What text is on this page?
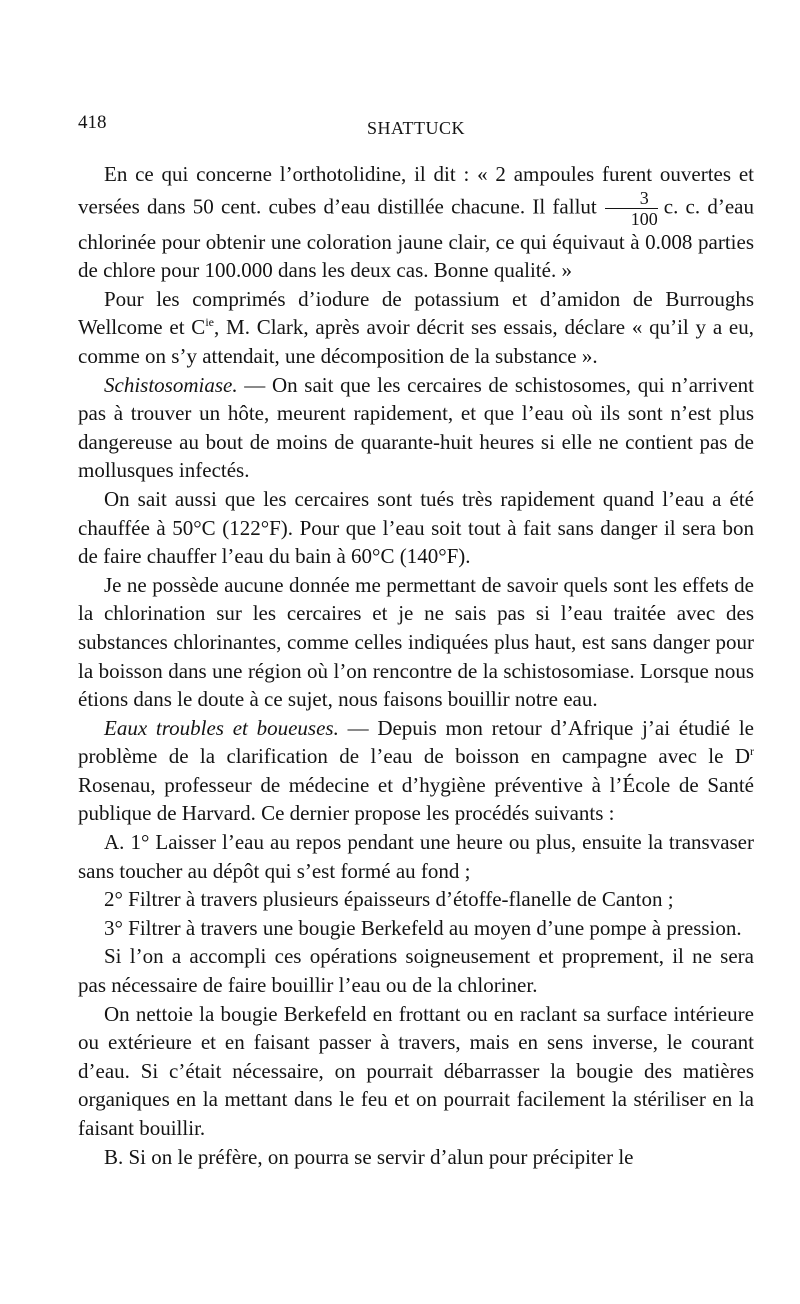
418	SHATTUCK

En ce qui concerne l’orthotolidine, il dit : « 2 ampoules furent ouvertes et versées dans 50 cent. cubes d’eau distillée chacune. Il fallut $\frac{3}{100} c$. c. d’eau chlorinée pour obtenir une coloration jaune clair, ce qui équivaut à 0.008 parties de chlore pour 100.000 dans les deux cas. Bonne qualité. »

Pour les comprimés d’iodure de potassium et d’amidon de Burroughs Wellcome et $C^{ie}$, M. Clark, après avoir décrit ses essais, déclare « qu’il y a eu, comme on s’y attendait, une décomposition de la substance ».

Schistosomiase. — On sait que les cercaires de schistosomes, qui n’arrivent pas à trouver un hôte, meurent rapidement, et que l’eau où ils sont n’est plus dangereuse au bout de moins de quarante-huit heures si elle ne contient pas de mollusques infectés.

On sait aussi que les cercaires sont tués très rapidement quand l’eau a été chauffée à 50°C (122°F). Pour que l’eau soit tout à fait sans danger il sera bon de faire chauffer l’eau du bain à 60°C (140°F).

Je ne possède aucune donnée me permettant de savoir quels sont les effets de la chlorination sur les cercaires et je ne sais pas si l’eau traitée avec des substances chlorinantes, comme celles indiquées plus haut, est sans danger pour la boisson dans une région où l’on rencontre de la schistosomiase. Lorsque nous étions dans le doute à ce sujet, nous faisons bouillir notre eau.

Eaux troubles et boueuses. — Depuis mon retour d’Afrique j’ai étudié le problème de la clarification de l’eau de boisson en campagne avec le $D^r$ Rosenau, professeur de médecine et d’hygiène préventive à l’École de Santé publique de Harvard. Ce dernier propose les procédés suivants :

A. 1° Laisser l’eau au repos pendant une heure ou plus, ensuite la transvaser sans toucher au dépôt qui s’est formé au fond ;

2° Filtrer à travers plusieurs épaisseurs d’étoffe-flanelle de Canton ;

3° Filtrer à travers une bougie Berkefeld au moyen d’une pompe à pression.

Si l’on a accompli ces opérations soigneusement et proprement, il ne sera pas nécessaire de faire bouillir l’eau ou de la chloriner.

On nettoie la bougie Berkefeld en frottant ou en raclant sa surface intérieure ou extérieure et en faisant passer à travers, mais en sens inverse, le courant d’eau. Si c’était nécessaire, on pourrait débarrasser la bougie des matières organiques en la mettant dans le feu et on pourrait facilement la stériliser en la faisant bouillir.

B. Si on le préfère, on pourra se servir d’alun pour précipiter le
